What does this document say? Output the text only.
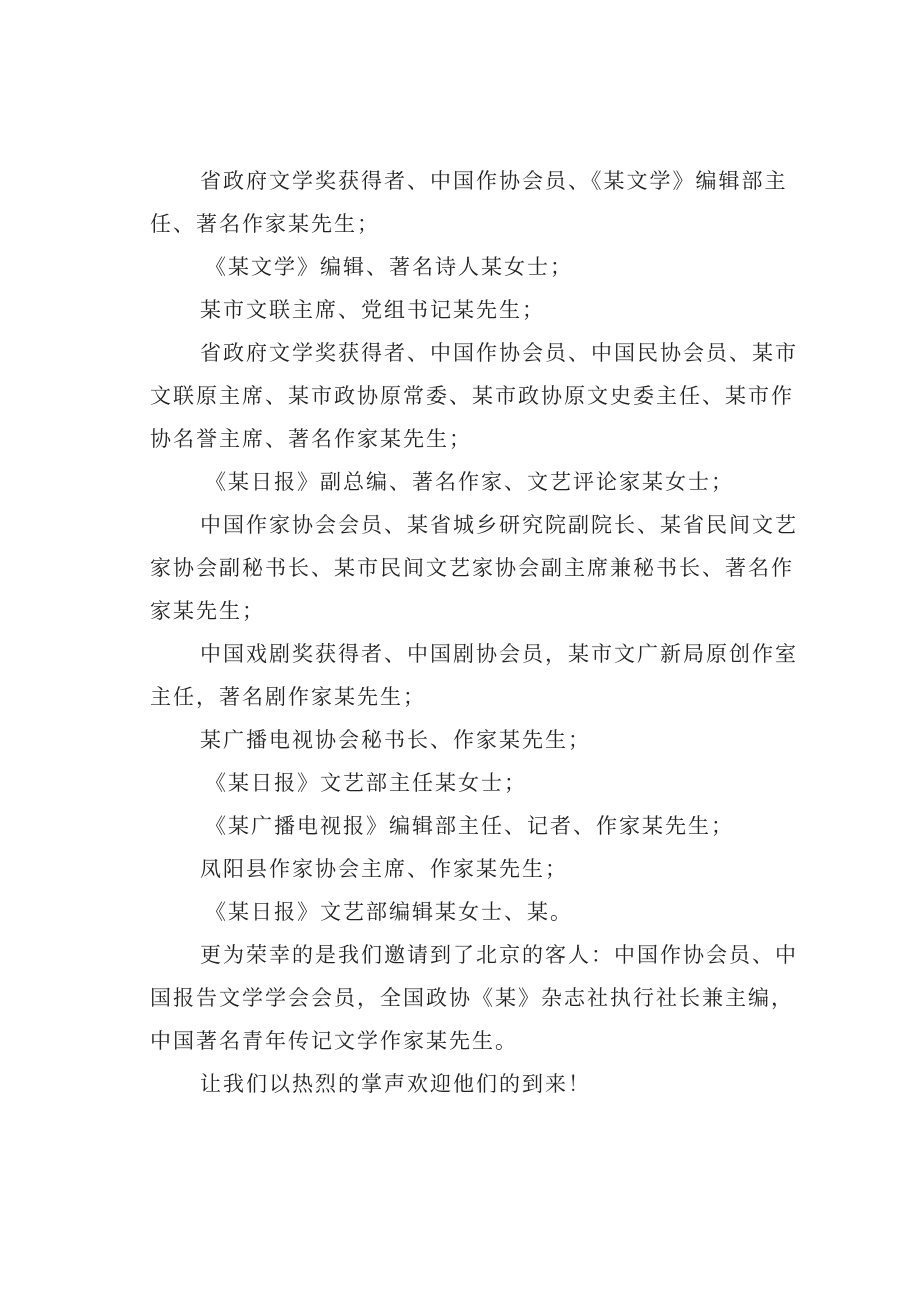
省政府文学奖获得者、中国作协会员、《某文学》编辑部主任、著名作家某先生；

《某文学》编辑、著名诗人某女士；

某市文联主席、党组书记某先生；

省政府文学奖获得者、中国作协会员、中国民协会员、某市文联原主席、某市政协原常委、某市政协原文史委主任、某市作协名誉主席、著名作家某先生；

《某日报》副总编、著名作家、文艺评论家某女士；

中国作家协会会员、某省城乡研究院副院长、某省民间文艺家协会副秘书长、某市民间文艺家协会副主席兼秘书长、著名作家某先生；

中国戏剧奖获得者、中国剧协会员，某市文广新局原创作室主任，著名剧作家某先生；

某广播电视协会秘书长、作家某先生；

《某日报》文艺部主任某女士；

《某广播电视报》编辑部主任、记者、作家某先生；

凤阳县作家协会主席、作家某先生；

《某日报》文艺部编辑某女士、某。

更为荣幸的是我们邀请到了北京的客人：中国作协会员、中国报告文学学会会员，全国政协《某》杂志社执行社长兼主编，中国著名青年传记文学作家某先生。

让我们以热烈的掌声欢迎他们的到来！
